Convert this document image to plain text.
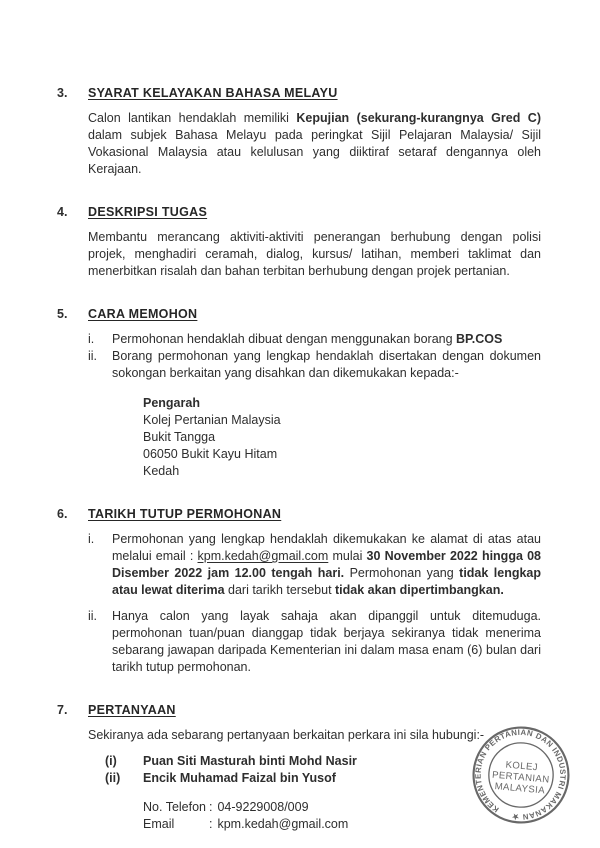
3.	SYARAT KELAYAKAN BAHASA MELAYU

Calon lantikan hendaklah memiliki Kepujian (sekurang-kurangnya Gred C) dalam subjek Bahasa Melayu pada peringkat Sijil Pelajaran Malaysia/ Sijil Vokasional Malaysia atau kelulusan yang diiktiraf setaraf dengannya oleh Kerajaan.

4.	DESKRIPSI TUGAS

Membantu merancang aktiviti-aktiviti penerangan berhubung dengan polisi projek, menghadiri ceramah, dialog, kursus/ latihan, memberi taklimat dan menerbitkan risalah dan bahan terbitan berhubung dengan projek pertanian.

5.	CARA MEMOHON
i.	Permohonan hendaklah dibuat dengan menggunakan borang BP.COS
ii.	Borang permohonan yang lengkap hendaklah disertakan dengan dokumen sokongan berkaitan yang disahkan dan dikemukakan kepada:-
Pengarah
Kolej Pertanian Malaysia
Bukit Tangga
06050 Bukit Kayu Hitam
Kedah
6.	TARIKH TUTUP PERMOHONAN
i.	Permohonan yang lengkap hendaklah dikemukakan ke alamat di atas atau melalui email : kpm.kedah@gmail.com mulai 30 November 2022 hingga 08 Disember 2022 jam 12.00 tengah hari. Permohonan yang tidak lengkap atau lewat diterima dari tarikh tersebut tidak akan dipertimbangkan.
ii.	Hanya calon yang layak sahaja akan dipanggil untuk ditemuduga. permohonan tuan/puan dianggap tidak berjaya sekiranya tidak menerima sebarang jawapan daripada Kementerian ini dalam masa enam (6) bulan dari tarikh tutup permohonan.
7.	PERTANYAAN

Sekiranya ada sebarang pertanyaan berkaitan perkara ini sila hubungi:-

(i)	Puan Siti Masturah binti Mohd Nasir
(ii)	Encik Muhamad Faizal bin Yusof
No. Telefon : 04-9229008/009
Email	: kpm.kedah@gmail.com
KEMENTERIAN PERTANIAN DAN INDUSTRI MAKANAN ★
KOLEJ
PERTANIAN
MALAYSIA
